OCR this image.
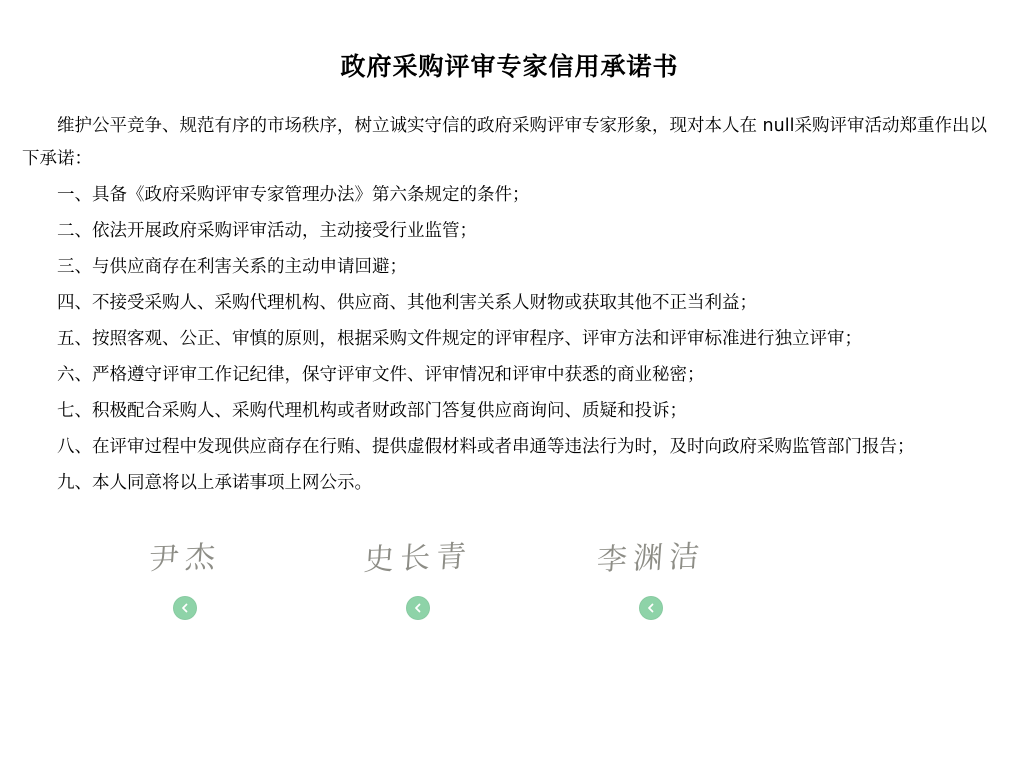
政府采购评审专家信用承诺书

维护公平竞争、规范有序的市场秩序，树立诚实守信的政府采购评审专家形象，现对本人在 null采购评审活动郑重作出以下承诺：

一、具备《政府采购评审专家管理办法》第六条规定的条件；

二、依法开展政府采购评审活动，主动接受行业监管；

三、与供应商存在利害关系的主动申请回避；

四、不接受采购人、采购代理机构、供应商、其他利害关系人财物或获取其他不正当利益；

五、按照客观、公正、审慎的原则，根据采购文件规定的评审程序、评审方法和评审标准进行独立评审；

六、严格遵守评审工作记纪律，保守评审文件、评审情况和评审中获悉的商业秘密；

七、积极配合采购人、采购代理机构或者财政部门答复供应商询问、质疑和投诉；

八、在评审过程中发现供应商存在行贿、提供虚假材料或者串通等违法行为时，及时向政府采购监管部门报告；

九、本人同意将以上承诺事项上网公示。

尹杰	史长青	李渊洁
